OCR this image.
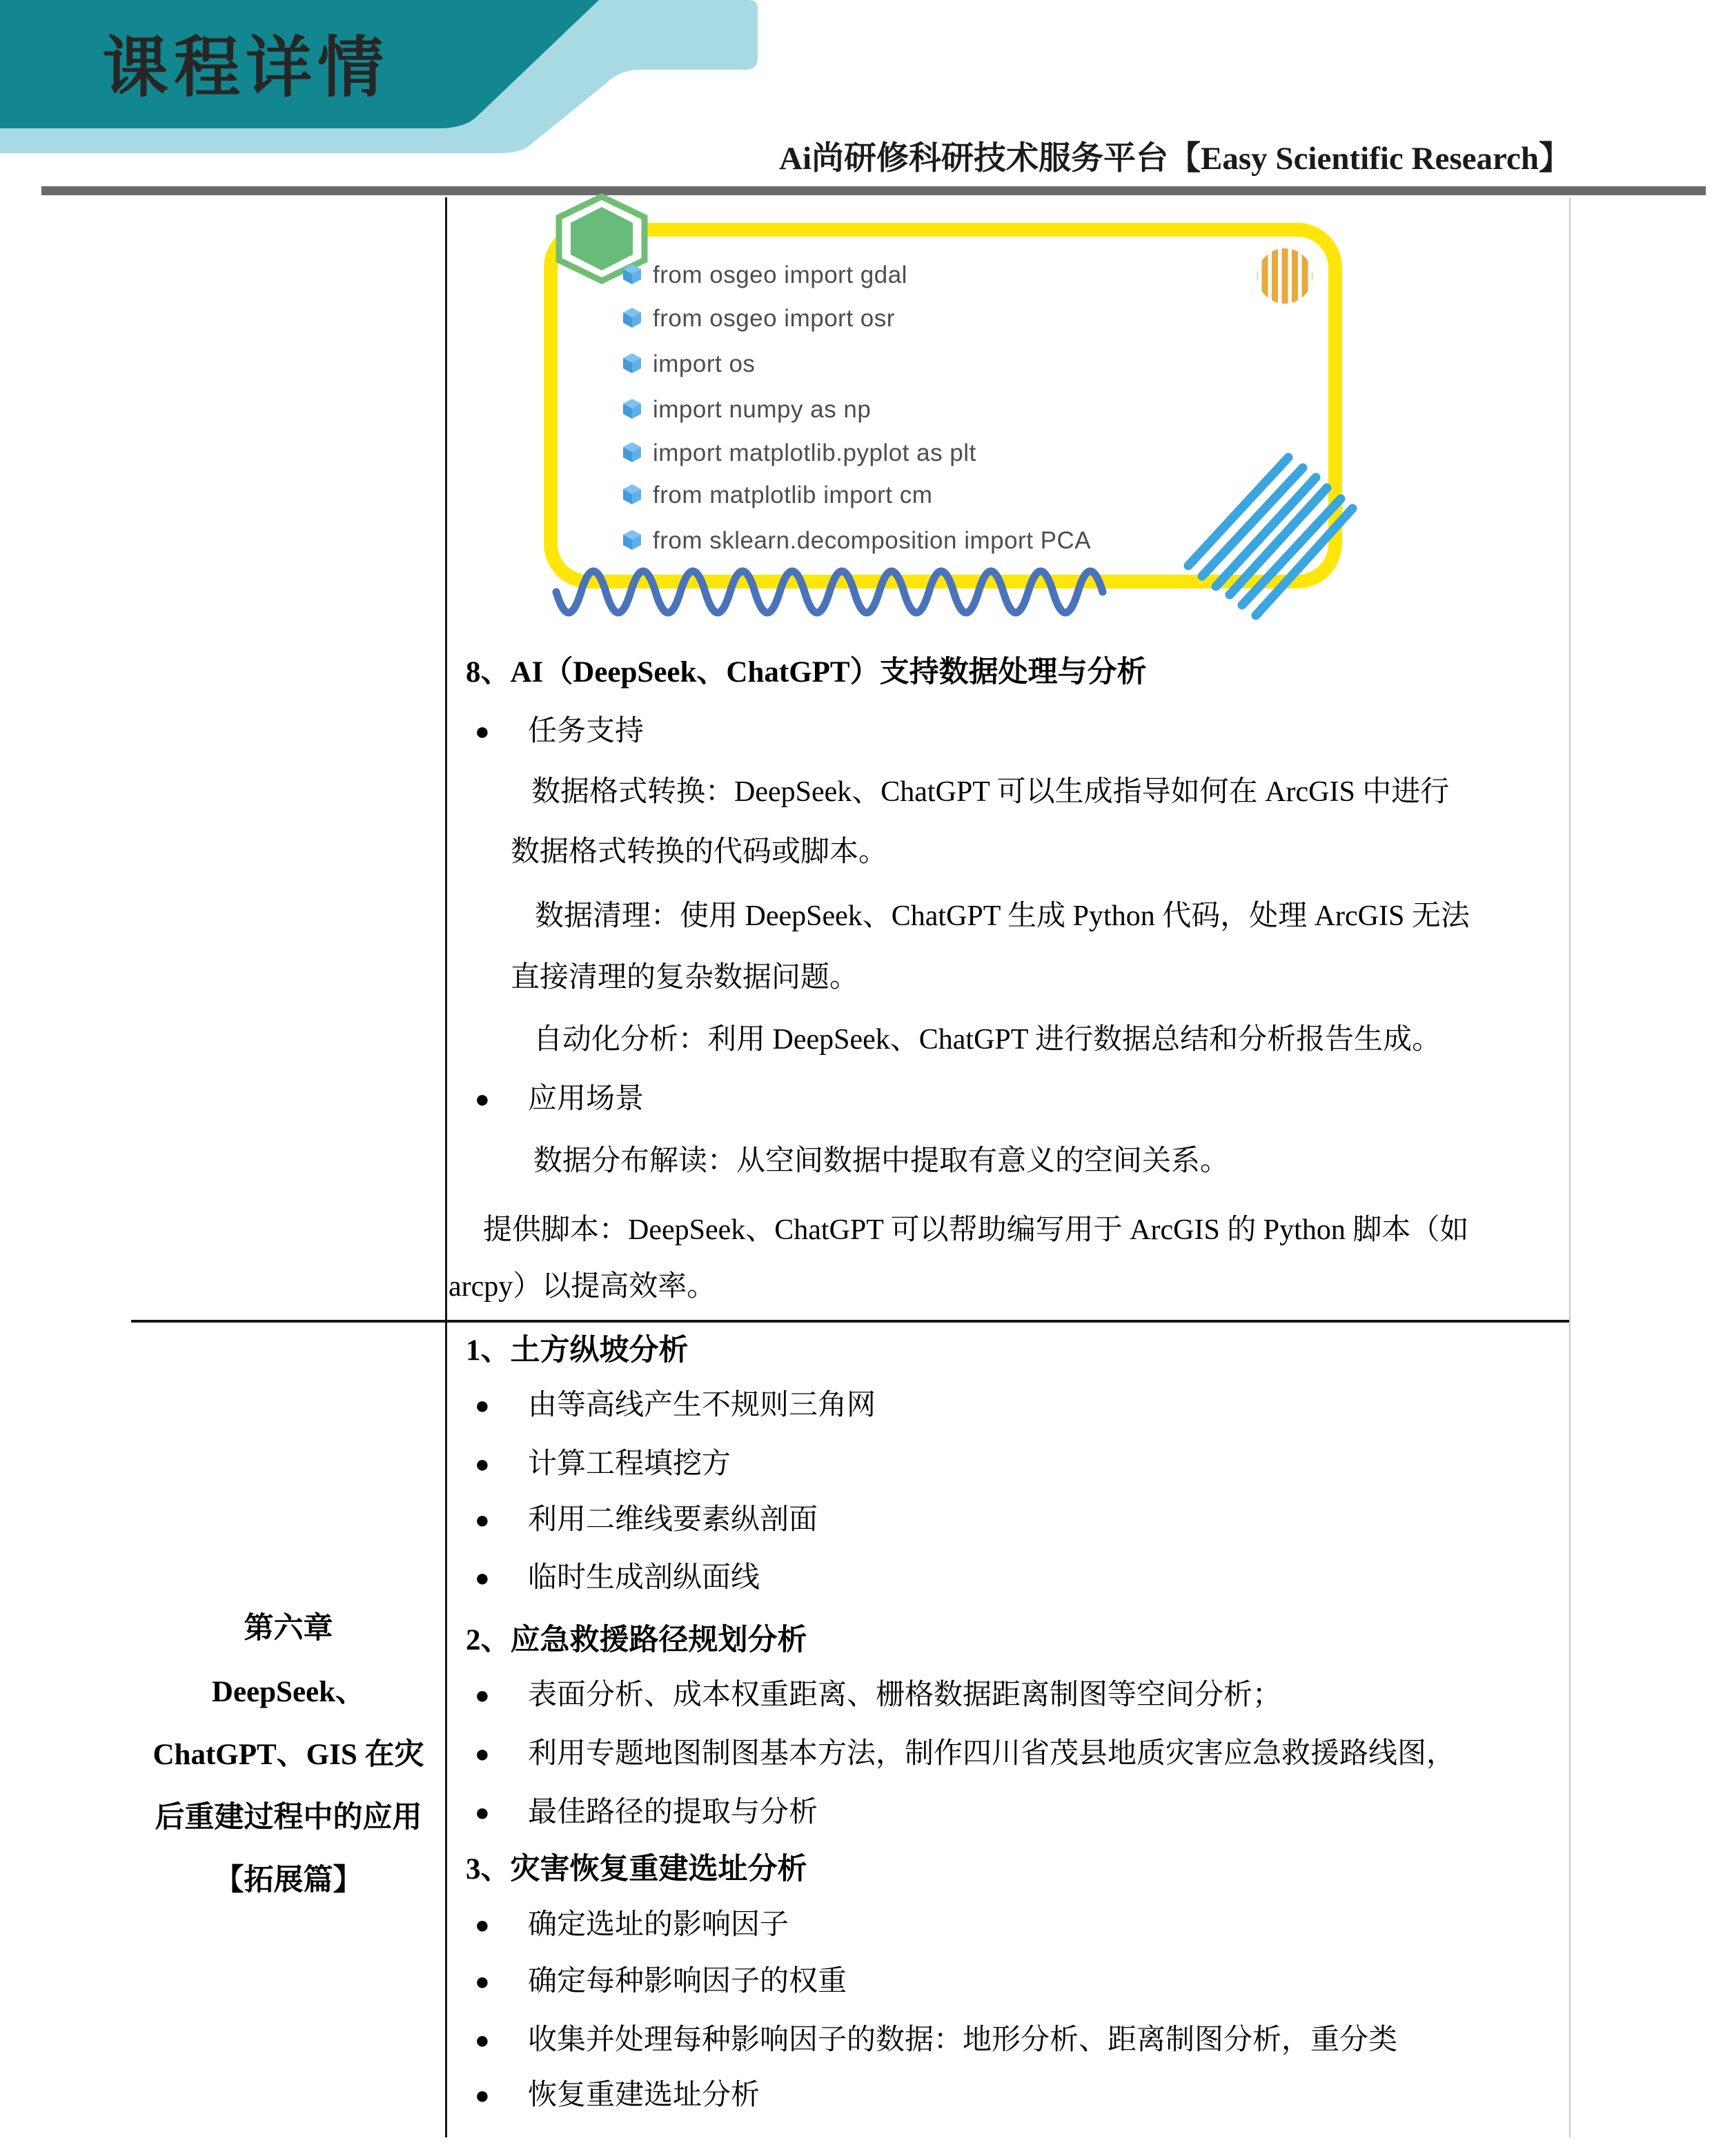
课程详情
Ai尚研修科研技术服务平台【Easy Scientific Research】
from osgeo import gdal
from osgeo import osr
import os
import numpy as np
import matplotlib.pyplot as plt
from matplotlib import cm
from sklearn.decomposition import PCA
8、AI（DeepSeek、ChatGPT）支持数据处理与分析
● 任务支持
数据格式转换：DeepSeek、ChatGPT 可以生成指导如何在 ArcGIS 中进行
数据格式转换的代码或脚本。
数据清理：使用 DeepSeek、ChatGPT 生成 Python 代码，处理 ArcGIS 无法
直接清理的复杂数据问题。
自动化分析：利用 DeepSeek、ChatGPT 进行数据总结和分析报告生成。
● 应用场景
数据分布解读：从空间数据中提取有意义的空间关系。
提供脚本：DeepSeek、ChatGPT 可以帮助编写用于 ArcGIS 的 Python 脚本（如
arcpy）以提高效率。
1、土方纵坡分析
● 由等高线产生不规则三角网
● 计算工程填挖方
● 利用二维线要素纵剖面
● 临时生成剖纵面线
2、应急救援路径规划分析
● 表面分析、成本权重距离、栅格数据距离制图等空间分析；
● 利用专题地图制图基本方法，制作四川省茂县地质灾害应急救援路线图，
● 最佳路径的提取与分析
3、灾害恢复重建选址分析
● 确定选址的影响因子
● 确定每种影响因子的权重
● 收集并处理每种影响因子的数据：地形分析、距离制图分析，重分类
● 恢复重建选址分析
第六章
DeepSeek、
ChatGPT、GIS 在灾
后重建过程中的应用
【拓展篇】
